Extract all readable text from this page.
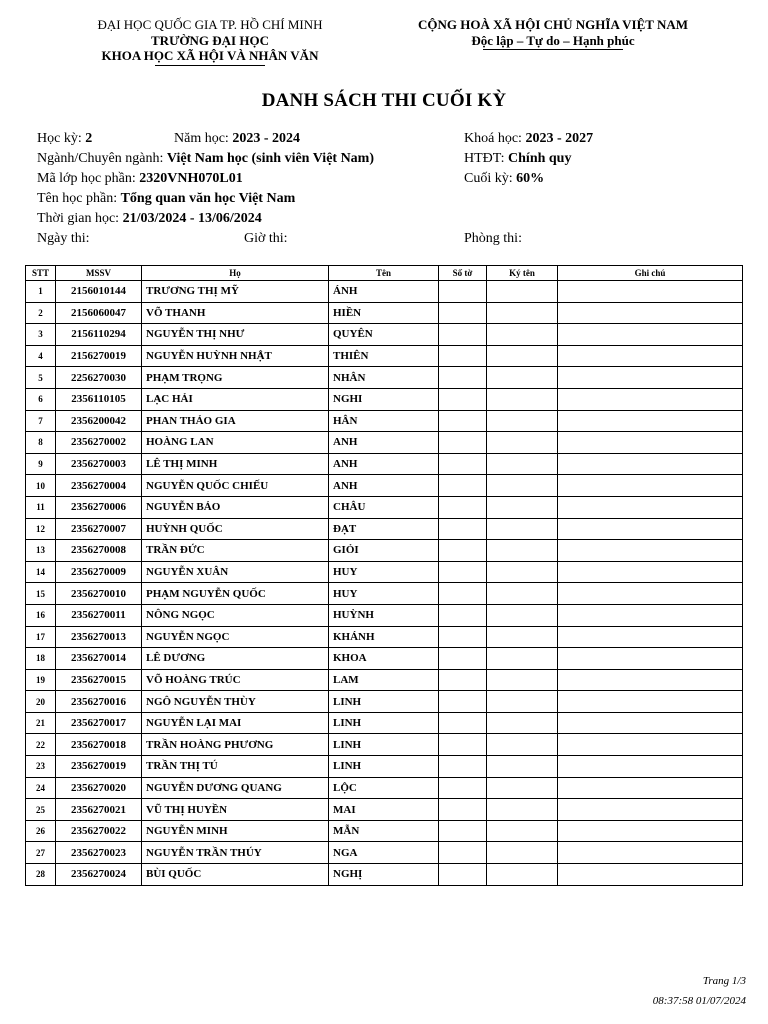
ĐẠI HỌC QUỐC GIA TP. HỒ CHÍ MINH
TRƯỜNG ĐẠI HỌC
KHOA HỌC XÃ HỘI VÀ NHÂN VĂN
CỘNG HOÀ XÃ HỘI CHỦ NGHĨA VIỆT NAM
Độc lập – Tự do – Hạnh phúc
DANH SÁCH THI CUỐI KỲ
Học kỳ: 2	Năm học: 2023 - 2024	Khoá học: 2023 - 2027
Ngành/Chuyên ngành: Việt Nam học (sinh viên Việt Nam)	HTĐT: Chính quy
Mã lớp học phần: 2320VNH070L01	Cuối kỳ: 60%
Tên học phần: Tổng quan văn học Việt Nam
Thời gian học: 21/03/2024 - 13/06/2024
Ngày thi:	Giờ thi:	Phòng thi:
STT	MSSV	Họ	Tên	Số tờ	Ký tên	Ghi chú
1	2156010144	TRƯƠNG THỊ MỸ	ÁNH			
2	2156060047	VÕ THANH	HIỀN			
3	2156110294	NGUYỄN THỊ NHƯ	QUYÊN			
4	2156270019	NGUYỄN HUỲNH NHẬT	THIÊN			
5	2256270030	PHẠM TRỌNG	NHÂN			
6	2356110105	LẠC HẢI	NGHI			
7	2356200042	PHAN THẢO GIA	HÂN			
8	2356270002	HOÀNG LAN	ANH			
9	2356270003	LÊ THỊ MINH	ANH			
10	2356270004	NGUYỄN QUỐC CHIẾU	ANH			
11	2356270006	NGUYỄN BẢO	CHÂU			
12	2356270007	HUỲNH QUỐC	ĐẠT			
13	2356270008	TRẦN ĐỨC	GIỎI			
14	2356270009	NGUYỄN XUÂN	HUY			
15	2356270010	PHẠM NGUYỄN QUỐC	HUY			
16	2356270011	NÔNG NGỌC	HUỲNH			
17	2356270013	NGUYỄN NGỌC	KHÁNH			
18	2356270014	LÊ DƯƠNG	KHOA			
19	2356270015	VÕ HOÀNG TRÚC	LAM			
20	2356270016	NGÔ NGUYỄN THÙY	LINH			
21	2356270017	NGUYỄN LẠI MAI	LINH			
22	2356270018	TRẦN HOÀNG PHƯƠNG	LINH			
23	2356270019	TRẦN THỊ TÚ	LINH			
24	2356270020	NGUYỄN DƯƠNG QUANG	LỘC			
25	2356270021	VŨ THỊ HUYỀN	MAI			
26	2356270022	NGUYỄN MINH	MẪN			
27	2356270023	NGUYỄN TRẦN THÚY	NGA			
28	2356270024	BÙI QUỐC	NGHỊ			
Trang 1/3
08:37:58 01/07/2024
